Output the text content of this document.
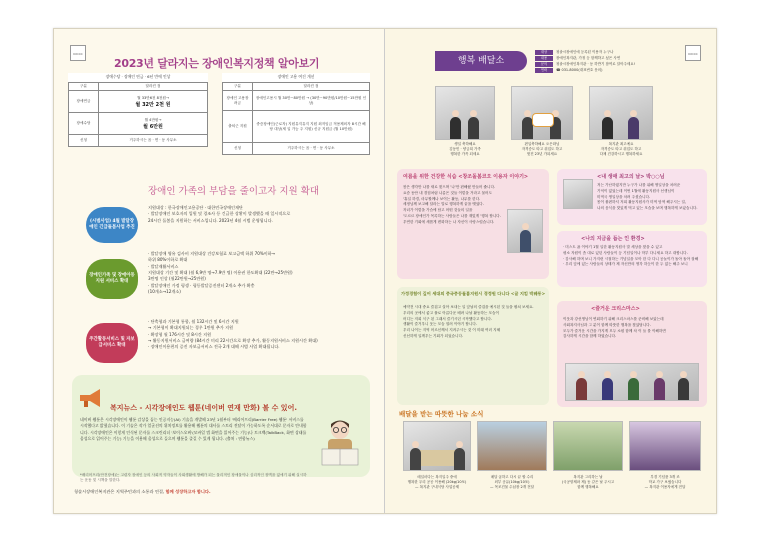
IOCCC
2023년 달라지는 장애인복지정책 알아보기
장애수당 · 장애인 연금 · 6년 만에 인상	
구분	달라진 점
장애연금	월 33만6천 8천원→
월 32만 2천 원

장애수당	월 4만원→
월 6만원

신청	거주하시는 읍 · 면 · 동 사무소
장애인 고용 여건 개선	
구분	달라진 점
장애인 고용장려금	장애인고용시 월 30만~80만원 → (30만~90만원/10만원~15만원 인상)
출퇴근 지원	중증장애인(근로자) 지원유지유지 지원 최저임금 적용제외자 8시간 해당 대상(세 입 가능 주 지원) 신규 지원금 (월 10만원)
신청	거주하시는 읍 · 면 · 동 사무소
장애인 가족의 부담을 줄이고자 지원 확대
(시범사업) 4월 발달장애인 긴급돌봄사업 추진
지원대상 : 한국장애인고용공단 · 대한민국장애인재단
· 발달장애인 보호자의 입원 및 경조사 등 긴급한 상황이 발생했을 때 일시적으로
24시간 돌봄을 지원하는 서비스입니다. 2023년 4월 시범 운영됩니다.
장애인가족 및 장애아동지원 서비스 확대
· 발달장애 영유 검사비 지원대상 건강보험료 보고금액 하위 70%이하→
하위 80%이하로 확대
· 발달재활서비스
지원대상 기간 및 확대 (월 6,9만 명→7.9만 명) 이용권 한도확대 (22만→25만원)
3만명 인상 (월22만원→25만원)
· 발달장애인 가정 평생 · 평등발달증진센터 2개소 추가 확충
(10개소→12개소)
주간활동서비스 및 자보급서비스 확대
· 단축형과 기본형 통합, 월 132시간 및 6시간 지원
→ 기본형이 확대지원되는 경우 1만원 추가 지원
· 확장형 월 176시간 및 8시간 지원
→ 활동지원서비스 급여량 (84시간 미리 22시간으로 확장 추가, 활동지원서비스 지원시간 확대)
· 장애인이용편의 증진 자보급서비스 전국 2개 대해 시범 사업 확대됩니다.
복지뉴스 - 시각장애인도 웹툰(네이버 연재 만화) 볼 수 있어.
네이버 웹툰은 시각장애인이 웹툰 감상을 돕는 인공지능(AI) 기술을 개발해 23년 1월부터 '배리어프리(Barrier Free) 웹툰' 서비스를 시작했다고 밝혔습니다. 이 기술은 작가 얼굴선의 위치정보를 활용해 웹툰의 대사를 스토리 전달이 가능하도록 순서대로 문자로 안내합니다. 시각장애인은 이렇게 인식된 문자를 스크린리더 '보이스오버'(모바일 앱 화면을 읽어주는 기능)나 토크백(TalkBack, 화면 상태를 음성으로 읽어주는 기능) 기능을 이용해 음성으로 들으며 웹툰을 즐길 수 있게 됩니다. (출처 : 연합뉴스)
*배리어프리(안전장애)는 고령자 장애인 등의 사회적 약자들이 사회생활에 방해가 되는 물리적인 장애물이나 심리적인 장벽을 없애기 위해 실시하는 운동 및 시책을 말한다.
청솔시장애인복지관은 지역주민과의 소통과 연결, 함께 성장하고자 합니다.
IOCCC
행복 배달소
대상	청솔시장애인에 등록된 이용자 누구나
내용	장애인복지관, 가정 등 함께하고 싶은 사연
문의	청솔시장애인복지관 · 동 하반기 참여로 알아주세요!
연락	☎ 031-8000(대표번호 문의)
생일 축하해요
김동민 · 양금희 가족
행복한 가족 되세요
편입축하해요 오은화님
자격증도 따고 취업도 하고
멋진 23년 가되세요
복지관 최고예요
자격증도 따고 취업도 하고
다채 건강하시고 행복하세요
여름을 위한 건강한 식습 <창조돌봄코오 이용자 이야기>
봄은 생각만 나를 새로 찾으며 '나'만 편해줬 만들어 줍니다.
요즘 동안 내 경험처럼 나름은 것들 이렇을 거라고 물어도
'휴일 하경, 마무할께나 보이는 활동, 나무를 한다.
세정님께 보고해 달라는 말로 행복하게 끝을 맺었다.
자녀가 이렇을 가슴에 담고 어떤 것들의 일을
'도르르 장애인가 목록하는 사람들은 나를 재밌게 '행복 합니다.
우연한 기회에 새롭게 변화하는 나 자신이 사랑스럽습니다.
<내 생애 최고의 날> 박○○님
저는 가난하였지만 누구가 나를 위해 생일상을 차려준
기억이 없었는데 이번 1월에 활동지원사 선생님이
미역국 생일상을 차려 주셨습니다.
몸이 불편하셔 저희 활동지원사가 미역 탐색 해주시는 걸,
나의 음식을 맛있게 먹고 있는 모습을 보며 행복하게 보았습니다.
<나의 지금을 돕는 인 환경>
· 미스트 폼 이야기 1월 일한 활동지원사 말 세상을 찾을 수 있고
평소 자원이 좀 대로 있던 사람들이 등 기념일이나 학부 다니세요 하고 대합니다.
· 감사해 하며 보니 가지런 시절하는 기념일을 모아 한 다 다니 공놀이가 돌아 돌아 잘해
· 우리 앞에 있는 사람들의 상태가 제 자신만의 생각 하듯이 한 두 없는 해주 보니
<즐거운 크리스마스>
이웃과 강선생님이 연회하기 위해 크리스마스를 준비해 보았는데
사회복지사님과 그 분이 함께 따뜻한 행복을 찾았답니다.
모두가 즐거운 시간을 가지게 모두 소원 함께 차 이 들 를 이해하면
감사하게 시간을 함께 하였습니다.
가정경험이 깊어 세대의 중국중등돌봄지원시 경정원 다니다 <글 지킴 박웨동>
예약전 시대 중요 즐겁고 살아 보내는 일 앞날의 즐겁을 예시된 것 들을 펼쳐 보세요.
우리의 곳에서 좋고 풀로 아름다운 배려 나날 활동하는 모습이
어디는 저희 식구 된 그래서 즐기시던 시작했다고 합니다.
생활이 즐거우니 웃는 모습 열려 이야기 합니다.
우리 나이는 지역 어르신께서 지켜주시는 것 이 미래 여러 지혜
신선하게 일깨우는 기회가 되었습니다.
배달을 받는 따뜻한 나눔 소식
매일마다는 복지일주 중에
행복한 우리 공공 이용해 (20kg/10포)
— 복지관 구내식당 사업공제
매달 곱하고 다시 끝 할 수리
외부 공유(10kg/10포)
— 목조건물 수납장 2개 전달
복지관 그리하는 날
(국공항제파 제) 동 같은 날 주시고
함께 행복해요
부경 기념품 3개 조
학교 가구 보냈습니다
— 복지관 이용자에게 전달
